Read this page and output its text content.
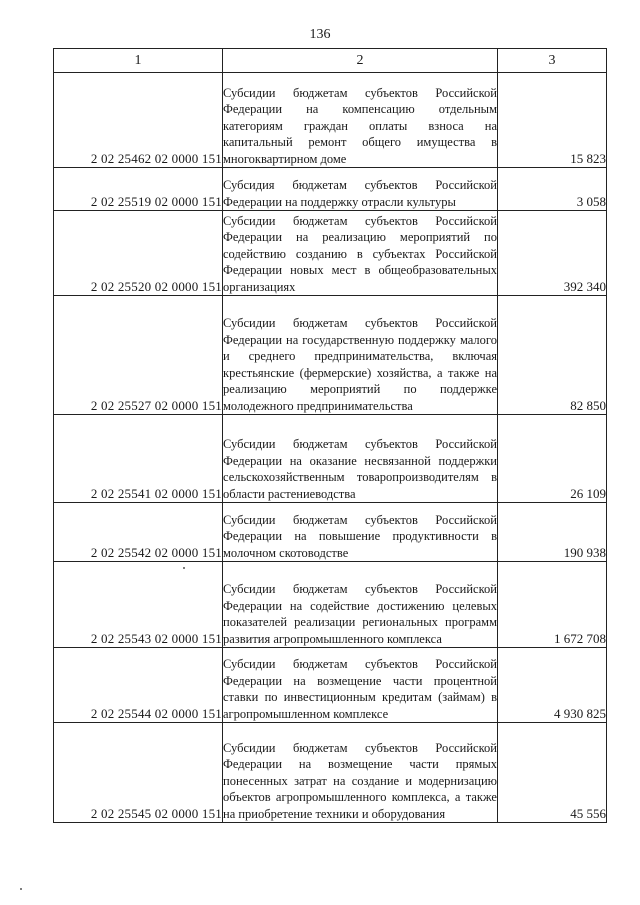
136
1	2	3
2 02 25462 02 0000 151	Субсидии бюджетам субъектов Российской Федерации на компенсацию отдельным категориям граждан оплаты взноса на капитальный ремонт общего имущества в многоквартирном доме	15 823
2 02 25519 02 0000 151	Субсидия бюджетам субъектов Российской Федерации на поддержку отрасли культуры	3 058
2 02 25520 02 0000 151	Субсидии бюджетам субъектов Российской Федерации на реализацию мероприятий по содействию созданию в субъектах Российской Федерации новых мест в общеобразовательных организациях	392 340
2 02 25527 02 0000 151	Субсидии бюджетам субъектов Российской Федерации на государственную поддержку малого и среднего предпринимательства, включая крестьянские (фермерские) хозяйства, а также на реализацию мероприятий по поддержке молодежного предпринимательства	82 850
2 02 25541 02 0000 151	Субсидии бюджетам субъектов Российской Федерации на оказание несвязанной поддержки сельскохозяйственным товаропроизводителям в области растениеводства	26 109
2 02 25542 02 0000 151	Субсидии бюджетам субъектов Российской Федерации на повышение продуктивности в молочном скотоводстве	190 938
2 02 25543 02 0000 151	Субсидии бюджетам субъектов Российской Федерации на содействие достижению целевых показателей реализации региональных программ развития агропромышленного комплекса	1 672 708
2 02 25544 02 0000 151	Субсидии бюджетам субъектов Российской Федерации на возмещение части процентной ставки по инвестиционным кредитам (займам) в агропромышленном комплексе	4 930 825
2 02 25545 02 0000 151	Субсидии бюджетам субъектов Российской Федерации на возмещение части прямых понесенных затрат на создание и модернизацию объектов агропромышленного комплекса, а также на приобретение техники и оборудования	45 556
